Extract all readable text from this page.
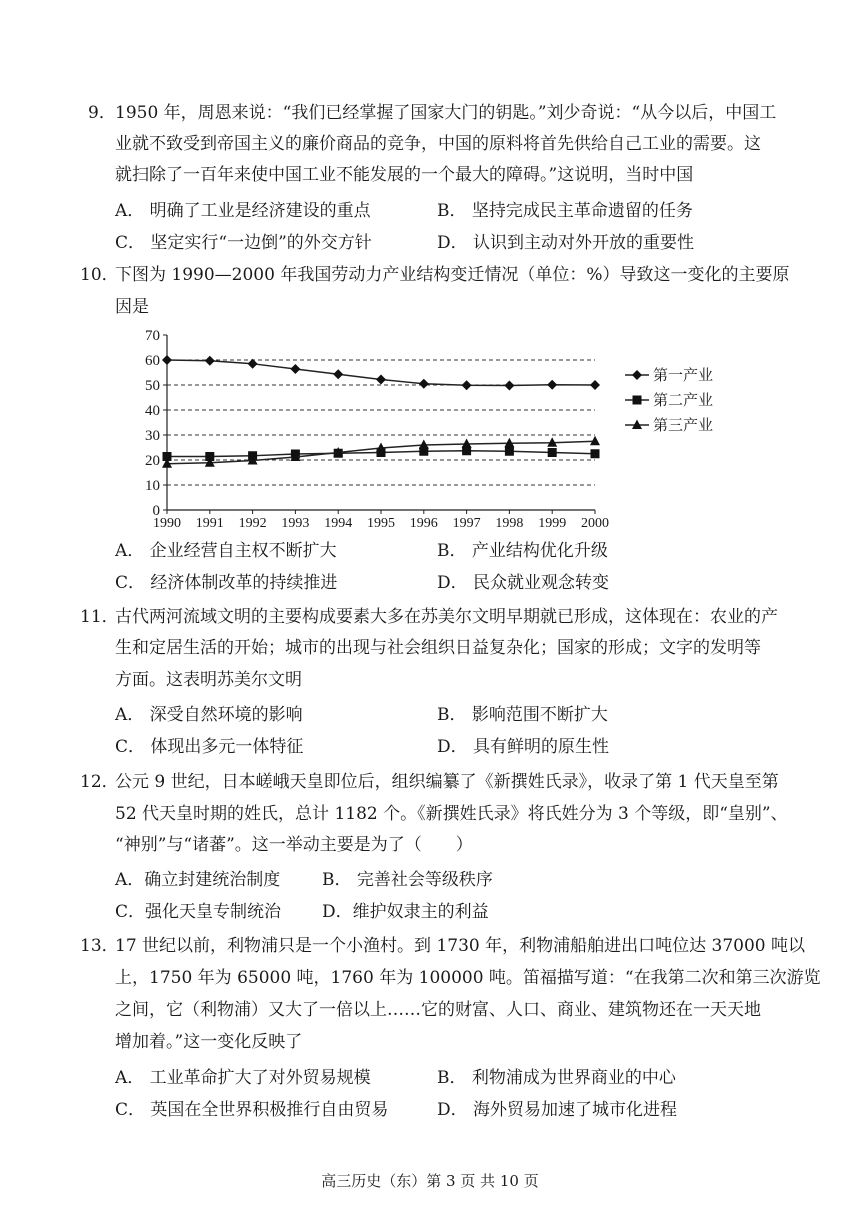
9． 1950 年，周恩来说：“我们已经掌握了国家大门的钥匙。”刘少奇说：“从今以后，中国工
业就不致受到帝国主义的廉价商品的竞争，中国的原料将首先供给自己工业的需要。这
就扫除了一百年来使中国工业不能发展的一个最大的障碍。”这说明，当时中国
A． 明确了工业是经济建设的重点	B． 坚持完成民主革命遗留的任务
C． 坚定实行“一边倒”的外交方针	D． 认识到主动对外开放的重要性
10．
下图为 1990—2000 年我国劳动力产业结构变迁情况（单位：%）导致这一变化的主要原
因是
0
10
20
30
40
50
60
70
1990 1991 1992 1993 1994 1995 1996 1997 1998 1999 2000
第一产业
第二产业
第三产业
A． 企业经营自主权不断扩大	B． 产业结构优化升级
C． 经济体制改革的持续推进	D． 民众就业观念转变
11．
古代两河流域文明的主要构成要素大多在苏美尔文明早期就已形成，这体现在：农业的产
生和定居生活的开始；城市的出现与社会组织日益复杂化；国家的形成；文字的发明等
方面。这表明苏美尔文明
A． 深受自然环境的影响	B． 影响范围不断扩大
C． 体现出多元一体特征	D． 具有鲜明的原生性
12．
公元 9 世纪，日本嵯峨天皇即位后，组织编纂了《新撰姓氏录》，收录了第 1 代天皇至第
52 代天皇时期的姓氏，总计 1182 个。《新撰姓氏录》将氏姓分为 3 个等级，即“皇别”、
“神别”与“诸蕃”。这一举动主要是为了（　　）
A．确立封建统治制度 B． 完善社会等级秩序
C．强化天皇专制统治 D．维护奴隶主的利益
13．
17 世纪以前，利物浦只是一个小渔村。到 1730 年，利物浦船舶进出口吨位达 37000 吨以
上，1750 年为 65000 吨，1760 年为 100000 吨。笛福描写道：“在我第二次和第三次游览
之间，它（利物浦）又大了一倍以上……它的财富、人口、商业、建筑物还在一天天地
增加着。”这一变化反映了
A． 工业革命扩大了对外贸易规模	B． 利物浦成为世界商业的中心
C． 英国在全世界积极推行自由贸易	D． 海外贸易加速了城市化进程
高三历史（东）第 3 页 共 10 页
